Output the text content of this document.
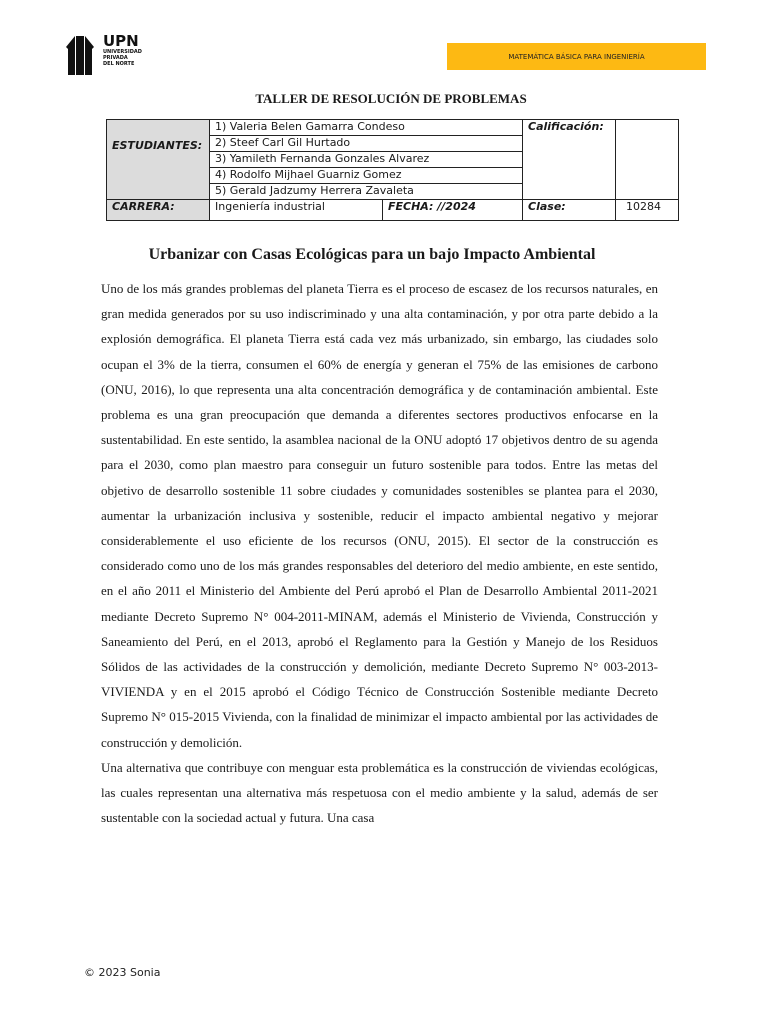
UPN
UNIVERSIDAD
PRIVADA
DEL NORTE
MATEMÁTICA BÁSICA PARA INGENIERÍA
TALLER DE RESOLUCIÓN DE PROBLEMAS
ESTUDIANTES:	1) Valeria Belen Gamarra Condeso		Calificación:	
	2) Steef Carl Gil Hurtado			
	3) Yamileth Fernanda Gonzales Alvarez			
	4) Rodolfo Mijhael Guarniz Gomez			
	5) Gerald Jadzumy Herrera Zavaleta			
CARRERA:	Ingeniería industrial	FECHA: //2024	Clase:	10284
Urbanizar con Casas Ecológicas para un bajo Impacto Ambiental

Uno de los más grandes problemas del planeta Tierra es el proceso de escasez de los recursos naturales, en gran medida generados por su uso indiscriminado y una alta contaminación, y por otra parte debido a la explosión demográfica. El planeta Tierra está cada vez más urbanizado, sin embargo, las ciudades solo ocupan el 3% de la tierra, consumen el 60% de energía y generan el 75% de las emisiones de carbono (ONU, 2016), lo que representa una alta concentración demográfica y de contaminación ambiental. Este problema es una gran preocupación que demanda a diferentes sectores productivos enfocarse en la sustentabilidad. En este sentido, la asamblea nacional de la ONU adoptó 17 objetivos dentro de su agenda para el 2030, como plan maestro para conseguir un futuro sostenible para todos. Entre las metas del objetivo de desarrollo sostenible 11 sobre ciudades y comunidades sostenibles se plantea para el 2030, aumentar la urbanización inclusiva y sostenible, reducir el impacto ambiental negativo y mejorar considerablemente el uso eficiente de los recursos (ONU, 2015). El sector de la construcción es considerado como uno de los más grandes responsables del deterioro del medio ambiente, en este sentido, en el año 2011 el Ministerio del Ambiente del Perú aprobó el Plan de Desarrollo Ambiental 2011-2021 mediante Decreto Supremo N° 004-2011-MINAM, además el Ministerio de Vivienda, Construcción y Saneamiento del Perú, en el 2013, aprobó el Reglamento para la Gestión y Manejo de los Residuos Sólidos de las actividades de la construcción y demolición, mediante Decreto Supremo N° 003-2013-VIVIENDA y en el 2015 aprobó el Código Técnico de Construcción Sostenible mediante Decreto Supremo N° 015-2015 Vivienda, con la finalidad de minimizar el impacto ambiental por las actividades de construcción y demolición.

Una alternativa que contribuye con menguar esta problemática es la construcción de viviendas ecológicas, las cuales representan una alternativa más respetuosa con el medio ambiente y la salud, además de ser sustentable con la sociedad actual y futura. Una casa

© 2023 Sonia
